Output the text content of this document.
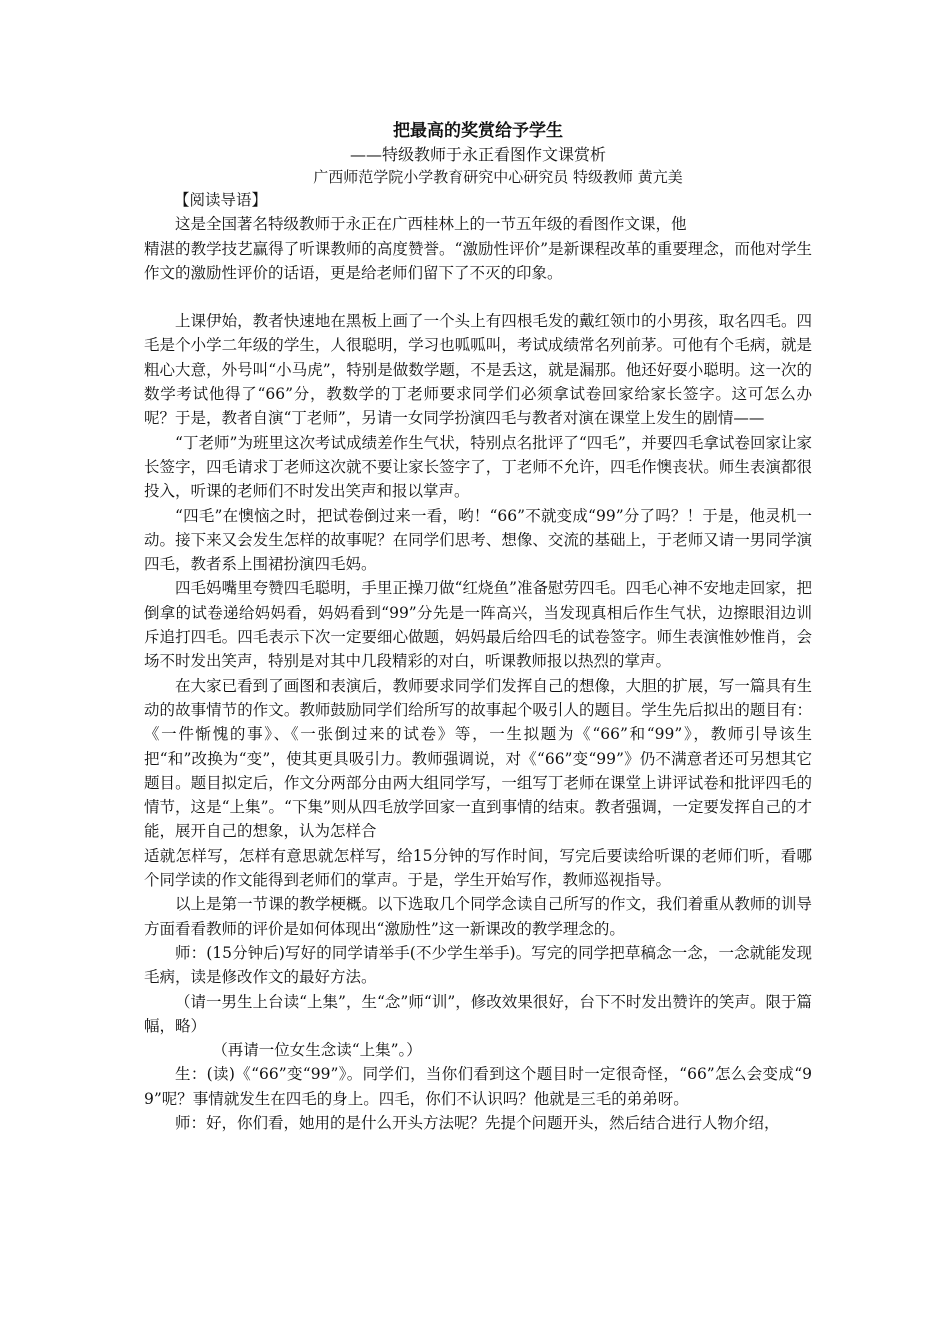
把最高的奖赏给予学生
——特级教师于永正看图作文课赏析
广西师范学院小学教育研究中心研究员 特级教师 黄亢美

【阅读导语】

这是全国著名特级教师于永正在广西桂林上的一节五年级的看图作文课，他

精湛的教学技艺赢得了听课教师的高度赞誉。“激励性评价”是新课程改革的重要理念，而他对学生作文的激励性评价的话语，更是给老师们留下了不灭的印象。

上课伊始，教者快速地在黑板上画了一个头上有四根毛发的戴红领巾的小男孩，取名四毛。四毛是个小学二年级的学生，人很聪明，学习也呱呱叫，考试成绩常名列前茅。可他有个毛病，就是粗心大意，外号叫“小马虎”，特别是做数学题，不是丢这，就是漏那。他还好耍小聪明。这一次的数学考试他得了“66”分，教数学的丁老师要求同学们必须拿试卷回家给家长签字。这可怎么办呢？于是，教者自演“丁老师”，另请一女同学扮演四毛与教者对演在课堂上发生的剧情——

“丁老师”为班里这次考试成绩差作生气状，特别点名批评了“四毛”，并要四毛拿试卷回家让家长签字，四毛请求丁老师这次就不要让家长签字了，丁老师不允许，四毛作懊丧状。师生表演都很投入，听课的老师们不时发出笑声和报以掌声。

“四毛”在懊恼之时，把试卷倒过来一看，哟！“66”不就变成“99”分了吗？！于是，他灵机一动。接下来又会发生怎样的故事呢？在同学们思考、想像、交流的基础上，于老师又请一男同学演四毛，教者系上围裙扮演四毛妈。

四毛妈嘴里夸赞四毛聪明，手里正操刀做“红烧鱼”准备慰劳四毛。四毛心神不安地走回家，把倒拿的试卷递给妈妈看，妈妈看到“99”分先是一阵高兴，当发现真相后作生气状，边擦眼泪边训斥追打四毛。四毛表示下次一定要细心做题，妈妈最后给四毛的试卷签字。师生表演惟妙惟肖，会场不时发出笑声，特别是对其中几段精彩的对白，听课教师报以热烈的掌声。

在大家已看到了画图和表演后，教师要求同学们发挥自己的想像，大胆的扩展，写一篇具有生动的故事情节的作文。教师鼓励同学们给所写的故事起个吸引人的题目。学生先后拟出的题目有：《一件惭愧的事》、《一张倒过来的试卷》等，一生拟题为《“66”和“99”》，教师引导该生把“和”改换为“变”，使其更具吸引力。教师强调说，对《“66”变“99”》仍不满意者还可另想其它题目。题目拟定后，作文分两部分由两大组同学写，一组写丁老师在课堂上讲评试卷和批评四毛的情节，这是“上集”。“下集”则从四毛放学回家一直到事情的结束。教者强调，一定要发挥自己的才能，展开自己的想象，认为怎样合

适就怎样写，怎样有意思就怎样写，给15分钟的写作时间，写完后要读给听课的老师们听，看哪个同学读的作文能得到老师们的掌声。于是，学生开始写作，教师巡视指导。

以上是第一节课的教学梗概。以下选取几个同学念读自己所写的作文，我们着重从教师的训导方面看看教师的评价是如何体现出“激励性”这一新课改的教学理念的。

师：(15分钟后)写好的同学请举手(不少学生举手)。写完的同学把草稿念一念，一念就能发现毛病，读是修改作文的最好方法。

（请一男生上台读“上集”，生“念”师“训”，修改效果很好，台下不时发出赞许的笑声。限于篇幅，略）

（再请一位女生念读“上集”。）

生：(读)《“66”变“99”》。同学们，当你们看到这个题目时一定很奇怪，“66”怎么会变成“99”呢？事情就发生在四毛的身上。四毛，你们不认识吗？他就是三毛的弟弟呀。

师：好，你们看，她用的是什么开头方法呢？先提个问题开头，然后结合进行人物介绍，
